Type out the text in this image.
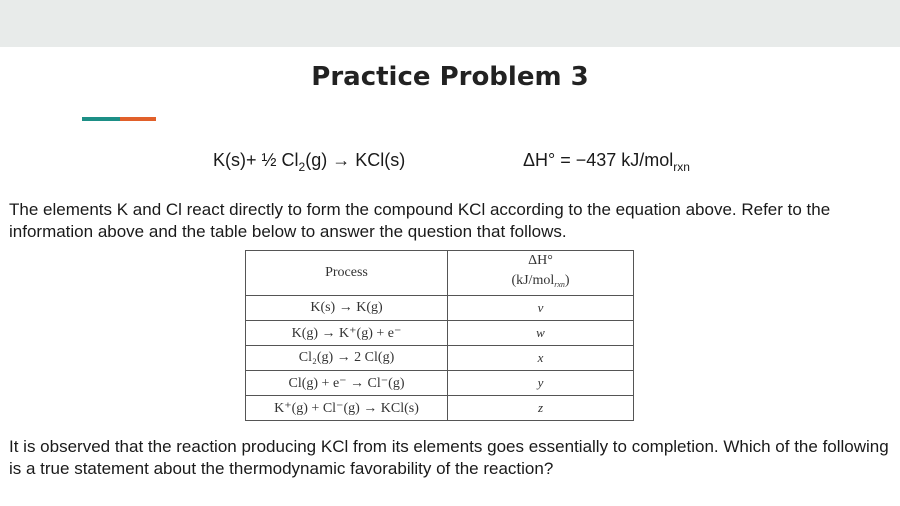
Practice Problem 3
K(s)+ ½ $Cl_2(g) \to KCl(s)$	ΔH° = −437 kJ/mol$_{rxn}$

The elements K and Cl react directly to form the compound KCl according to the equation above. Refer to the information above and the table below to answer the question that follows.

Process	ΔH°
(kJ/mol$_{rxn}$)

K(s) → K(g)	v
K(g) → K⁺(g) + e⁻	w
Cl₂(g) → 2 Cl(g)	x
Cl(g) + e⁻ → Cl⁻(g)	y
K⁺(g) + Cl⁻(g) → KCl(s)	z

It is observed that the reaction producing KCl from its elements goes essentially to completion. Which of the following is a true statement about the thermodynamic favorability of the reaction?
